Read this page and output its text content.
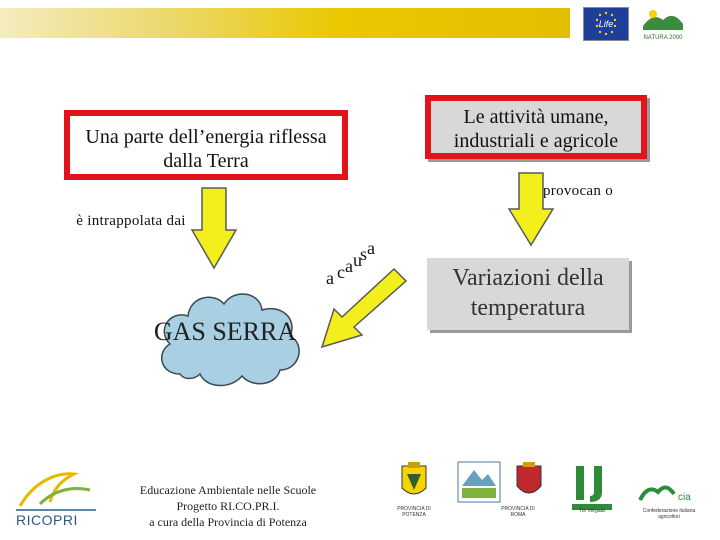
Life
NATURA 2000
Una parte dell’energia riflessa dalla Terra
Le attività umane, industriali e agricole
è intrappolata dai
provocan o
a c a u
s a
GAS SERRA
Variazioni della temperatura
RICOPRI
Educazione Ambientale nelle Scuole
Progetto RI.CO.PR.I.
a cura della Provincia di Potenza
PROVINCIA DI POTENZA
PROVINCIA DI ROMA
Tor Vergata
cia
Confederazione italiana agricoltori
